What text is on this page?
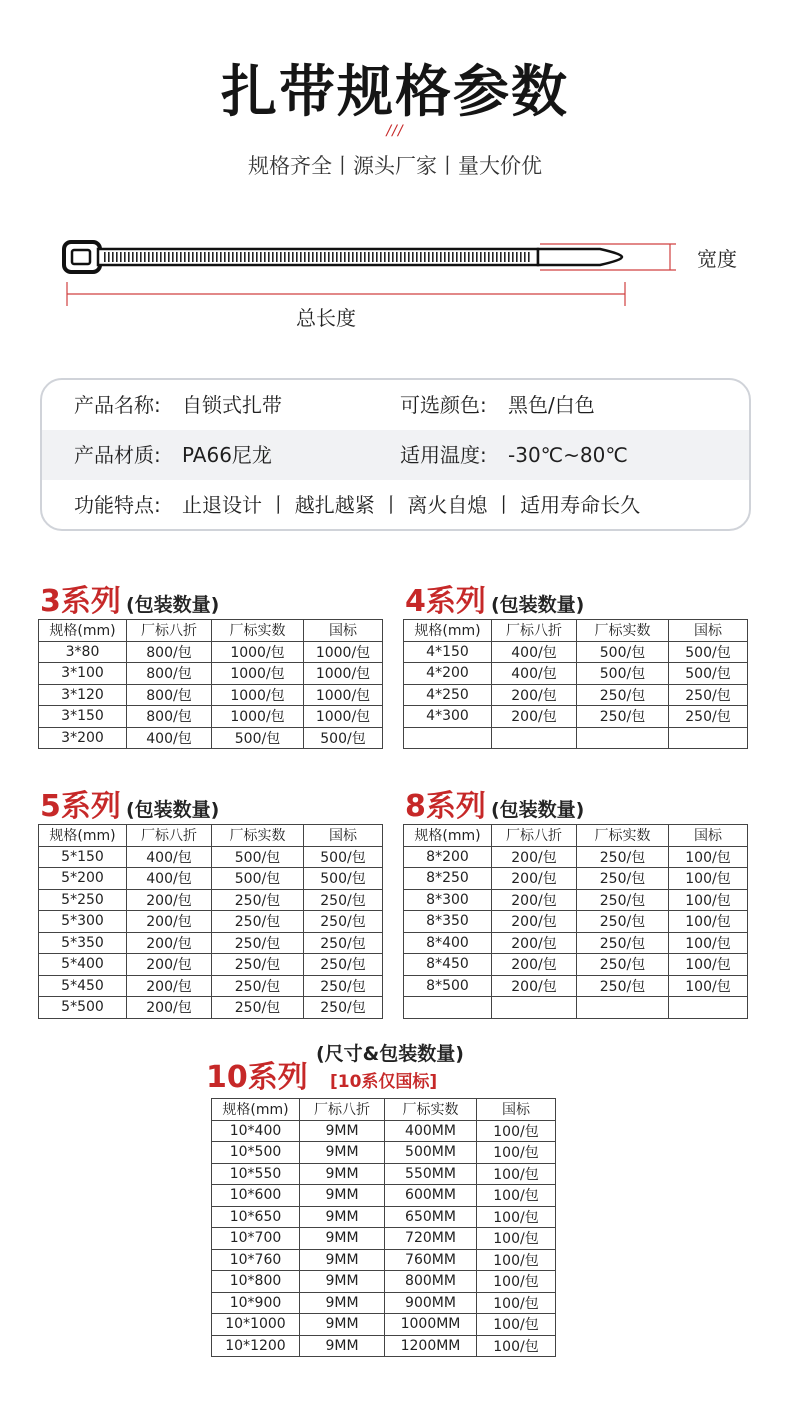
扎带规格参数
///
规格齐全丨源头厂家丨量大价优
宽度
总长度
产品名称: 自锁式扎带	可选颜色: 黑色/白色
产品材质: PA66尼龙	适用温度: -30℃~80℃
功能特点: 止退设计 丨 越扎越紧 丨 离火自熄 丨 适用寿命长久
3系列 (包装数量)
规格(mm)	厂标八折	厂标实数	国标
3*80	800/包	1000/包	1000/包
3*100	800/包	1000/包	1000/包
3*120	800/包	1000/包	1000/包
3*150	800/包	1000/包	1000/包
3*200	400/包	500/包	500/包
4系列 (包装数量)
规格(mm)	厂标八折	厂标实数	国标
4*150	400/包	500/包	500/包
4*200	400/包	500/包	500/包
4*250	200/包	250/包	250/包
4*300	200/包	250/包	250/包

5系列 (包装数量)
规格(mm)	厂标八折	厂标实数	国标
5*150	400/包	500/包	500/包
5*200	400/包	500/包	500/包
5*250	200/包	250/包	250/包
5*300	200/包	250/包	250/包
5*350	200/包	250/包	250/包
5*400	200/包	250/包	250/包
5*450	200/包	250/包	250/包
5*500	200/包	250/包	250/包
8系列 (包装数量)
规格(mm)	厂标八折	厂标实数	国标
8*200	200/包	250/包	100/包
8*250	200/包	250/包	100/包
8*300	200/包	250/包	100/包
8*350	200/包	250/包	100/包
8*400	200/包	250/包	100/包
8*450	200/包	250/包	100/包
8*500	200/包	250/包	100/包

10系列
(尺寸&包装数量)
[10系仅国标]
规格(mm)	厂标八折	厂标实数	国标
10*400	9MM	400MM	100/包
10*500	9MM	500MM	100/包
10*550	9MM	550MM	100/包
10*600	9MM	600MM	100/包
10*650	9MM	650MM	100/包
10*700	9MM	720MM	100/包
10*760	9MM	760MM	100/包
10*800	9MM	800MM	100/包
10*900	9MM	900MM	100/包
10*1000	9MM	1000MM	100/包
10*1200	9MM	1200MM	100/包
